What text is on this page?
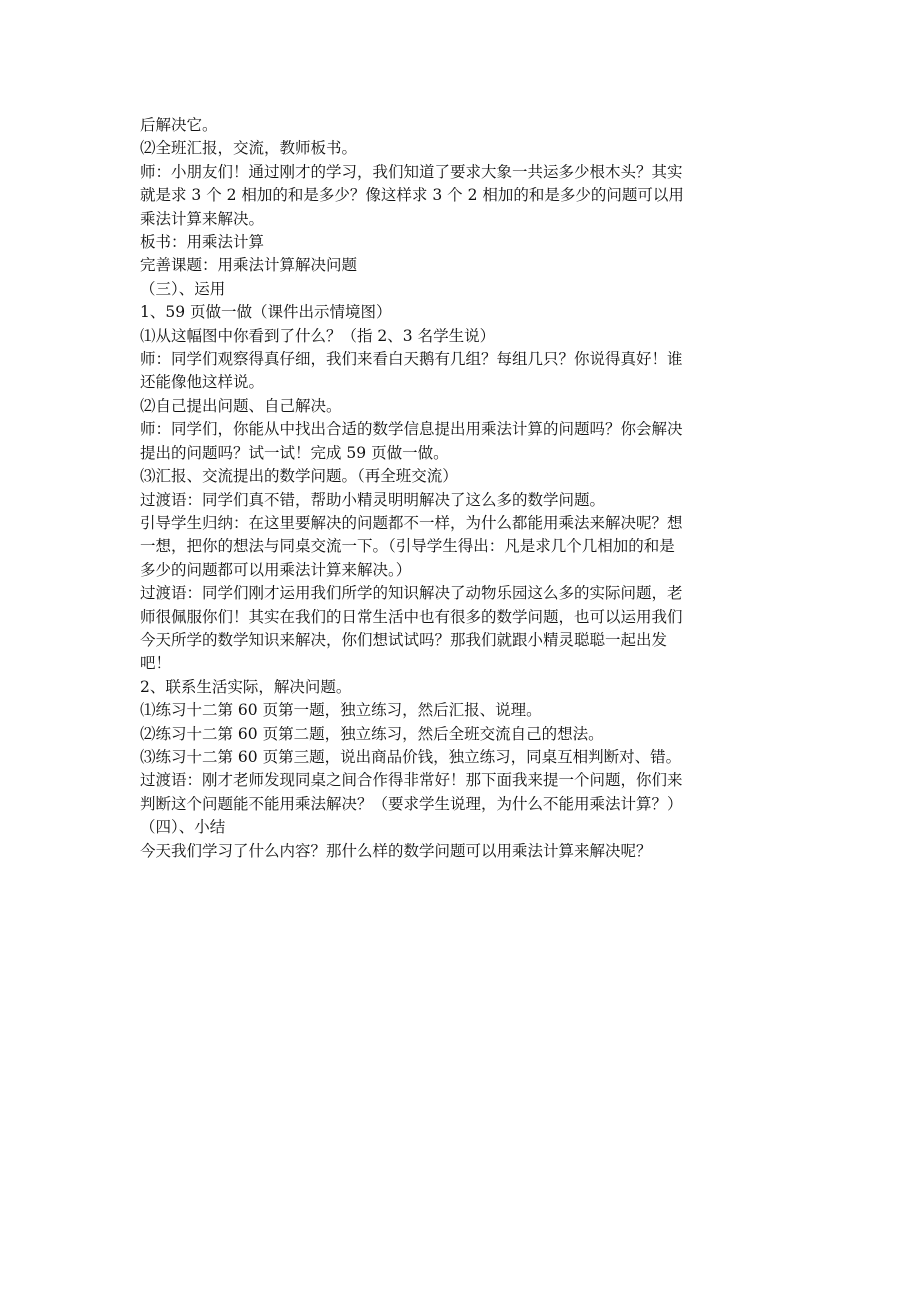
后解决它。

⑵全班汇报，交流，教师板书。

师：小朋友们！通过刚才的学习，我们知道了要求大象一共运多少根木头？其实

就是求 3 个 2 相加的和是多少？像这样求 3 个 2 相加的和是多少的问题可以用

乘法计算来解决。

板书：用乘法计算

完善课题：用乘法计算解决问题

（三）、运用

1、59 页做一做（课件出示情境图）

⑴从这幅图中你看到了什么？（指 2、3 名学生说）

师：同学们观察得真仔细，我们来看白天鹅有几组？每组几只？你说得真好！谁

还能像他这样说。

⑵自己提出问题、自己解决。

师：同学们，你能从中找出合适的数学信息提出用乘法计算的问题吗？你会解决

提出的问题吗？试一试！完成 59 页做一做。

⑶汇报、交流提出的数学问题。（再全班交流）

过渡语：同学们真不错，帮助小精灵明明解决了这么多的数学问题。

引导学生归纳：在这里要解决的问题都不一样，为什么都能用乘法来解决呢？想

一想，把你的想法与同桌交流一下。（引导学生得出：凡是求几个几相加的和是

多少的问题都可以用乘法计算来解决。）

过渡语：同学们刚才运用我们所学的知识解决了动物乐园这么多的实际问题，老

师很佩服你们！其实在我们的日常生活中也有很多的数学问题，也可以运用我们

今天所学的数学知识来解决，你们想试试吗？那我们就跟小精灵聪聪一起出发

吧！

2、联系生活实际，解决问题。

⑴练习十二第 60 页第一题，独立练习，然后汇报、说理。

⑵练习十二第 60 页第二题，独立练习，然后全班交流自己的想法。

⑶练习十二第 60 页第三题，说出商品价钱，独立练习，同桌互相判断对、错。

过渡语：刚才老师发现同桌之间合作得非常好！那下面我来提一个问题，你们来

判断这个问题能不能用乘法解决？（要求学生说理，为什么不能用乘法计算？）

（四）、小结

今天我们学习了什么内容？那什么样的数学问题可以用乘法计算来解决呢？
